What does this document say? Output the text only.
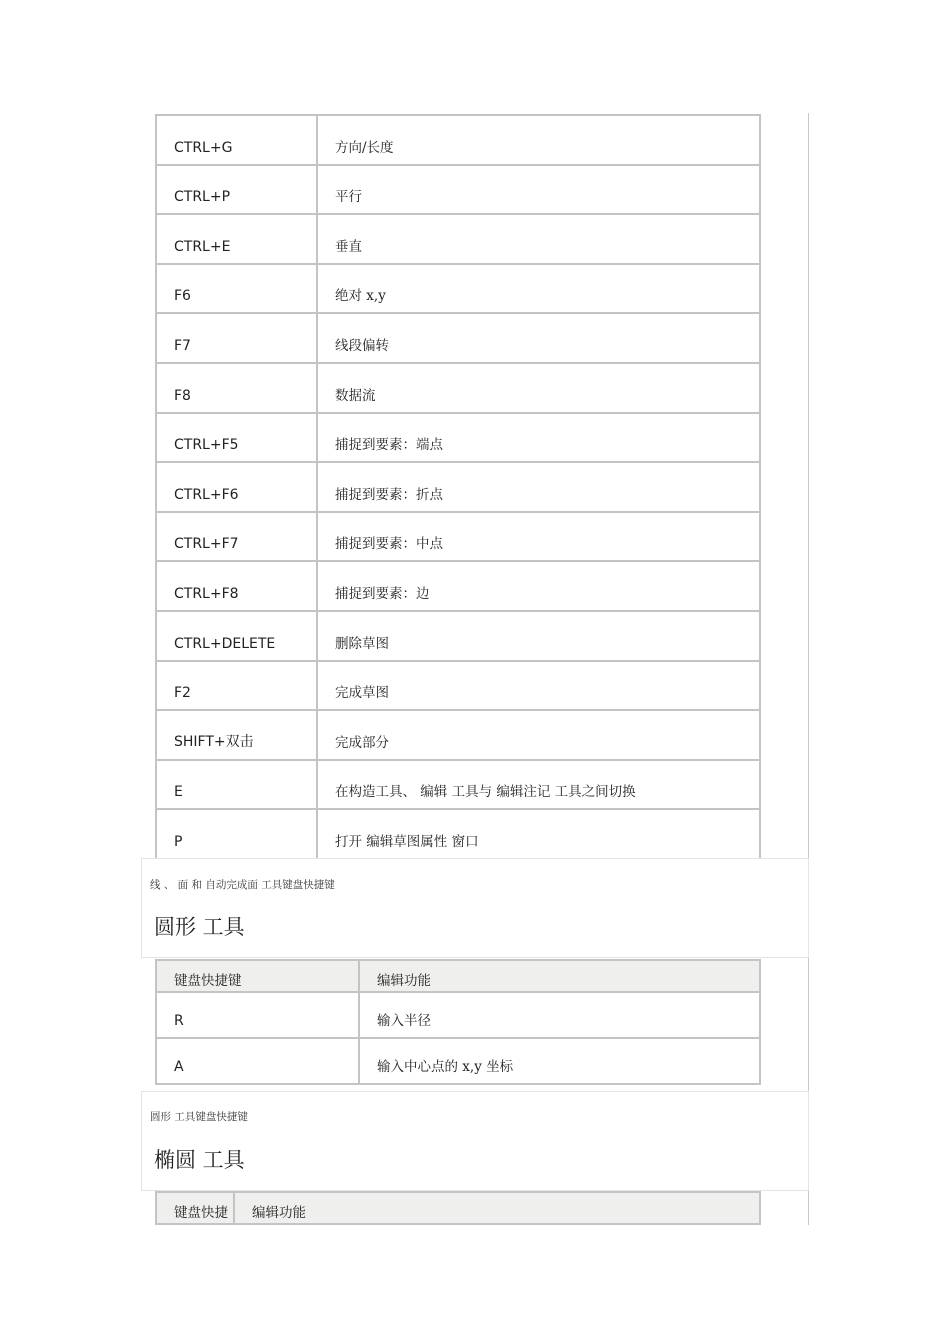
CTRL+G	方向/长度
CTRL+P	平行
CTRL+E	垂直
F6	绝对 x,y
F7	线段偏转
F8	数据流
CTRL+F5	捕捉到要素：端点
CTRL+F6	捕捉到要素：折点
CTRL+F7	捕捉到要素：中点
CTRL+F8	捕捉到要素：边
CTRL+DELETE	删除草图
F2	完成草图
SHIFT+双击	完成部分
E	在构造工具、 编辑 工具与 编辑注记 工具之间切换
P	打开 编辑草图属性 窗口
线 、 面 和 自动完成面 工具键盘快捷键
圆形 工具
键盘快捷键	编辑功能
R	输入半径
A	输入中心点的 x,y 坐标
圆形 工具键盘快捷键
椭圆 工具
键盘快捷	编辑功能
